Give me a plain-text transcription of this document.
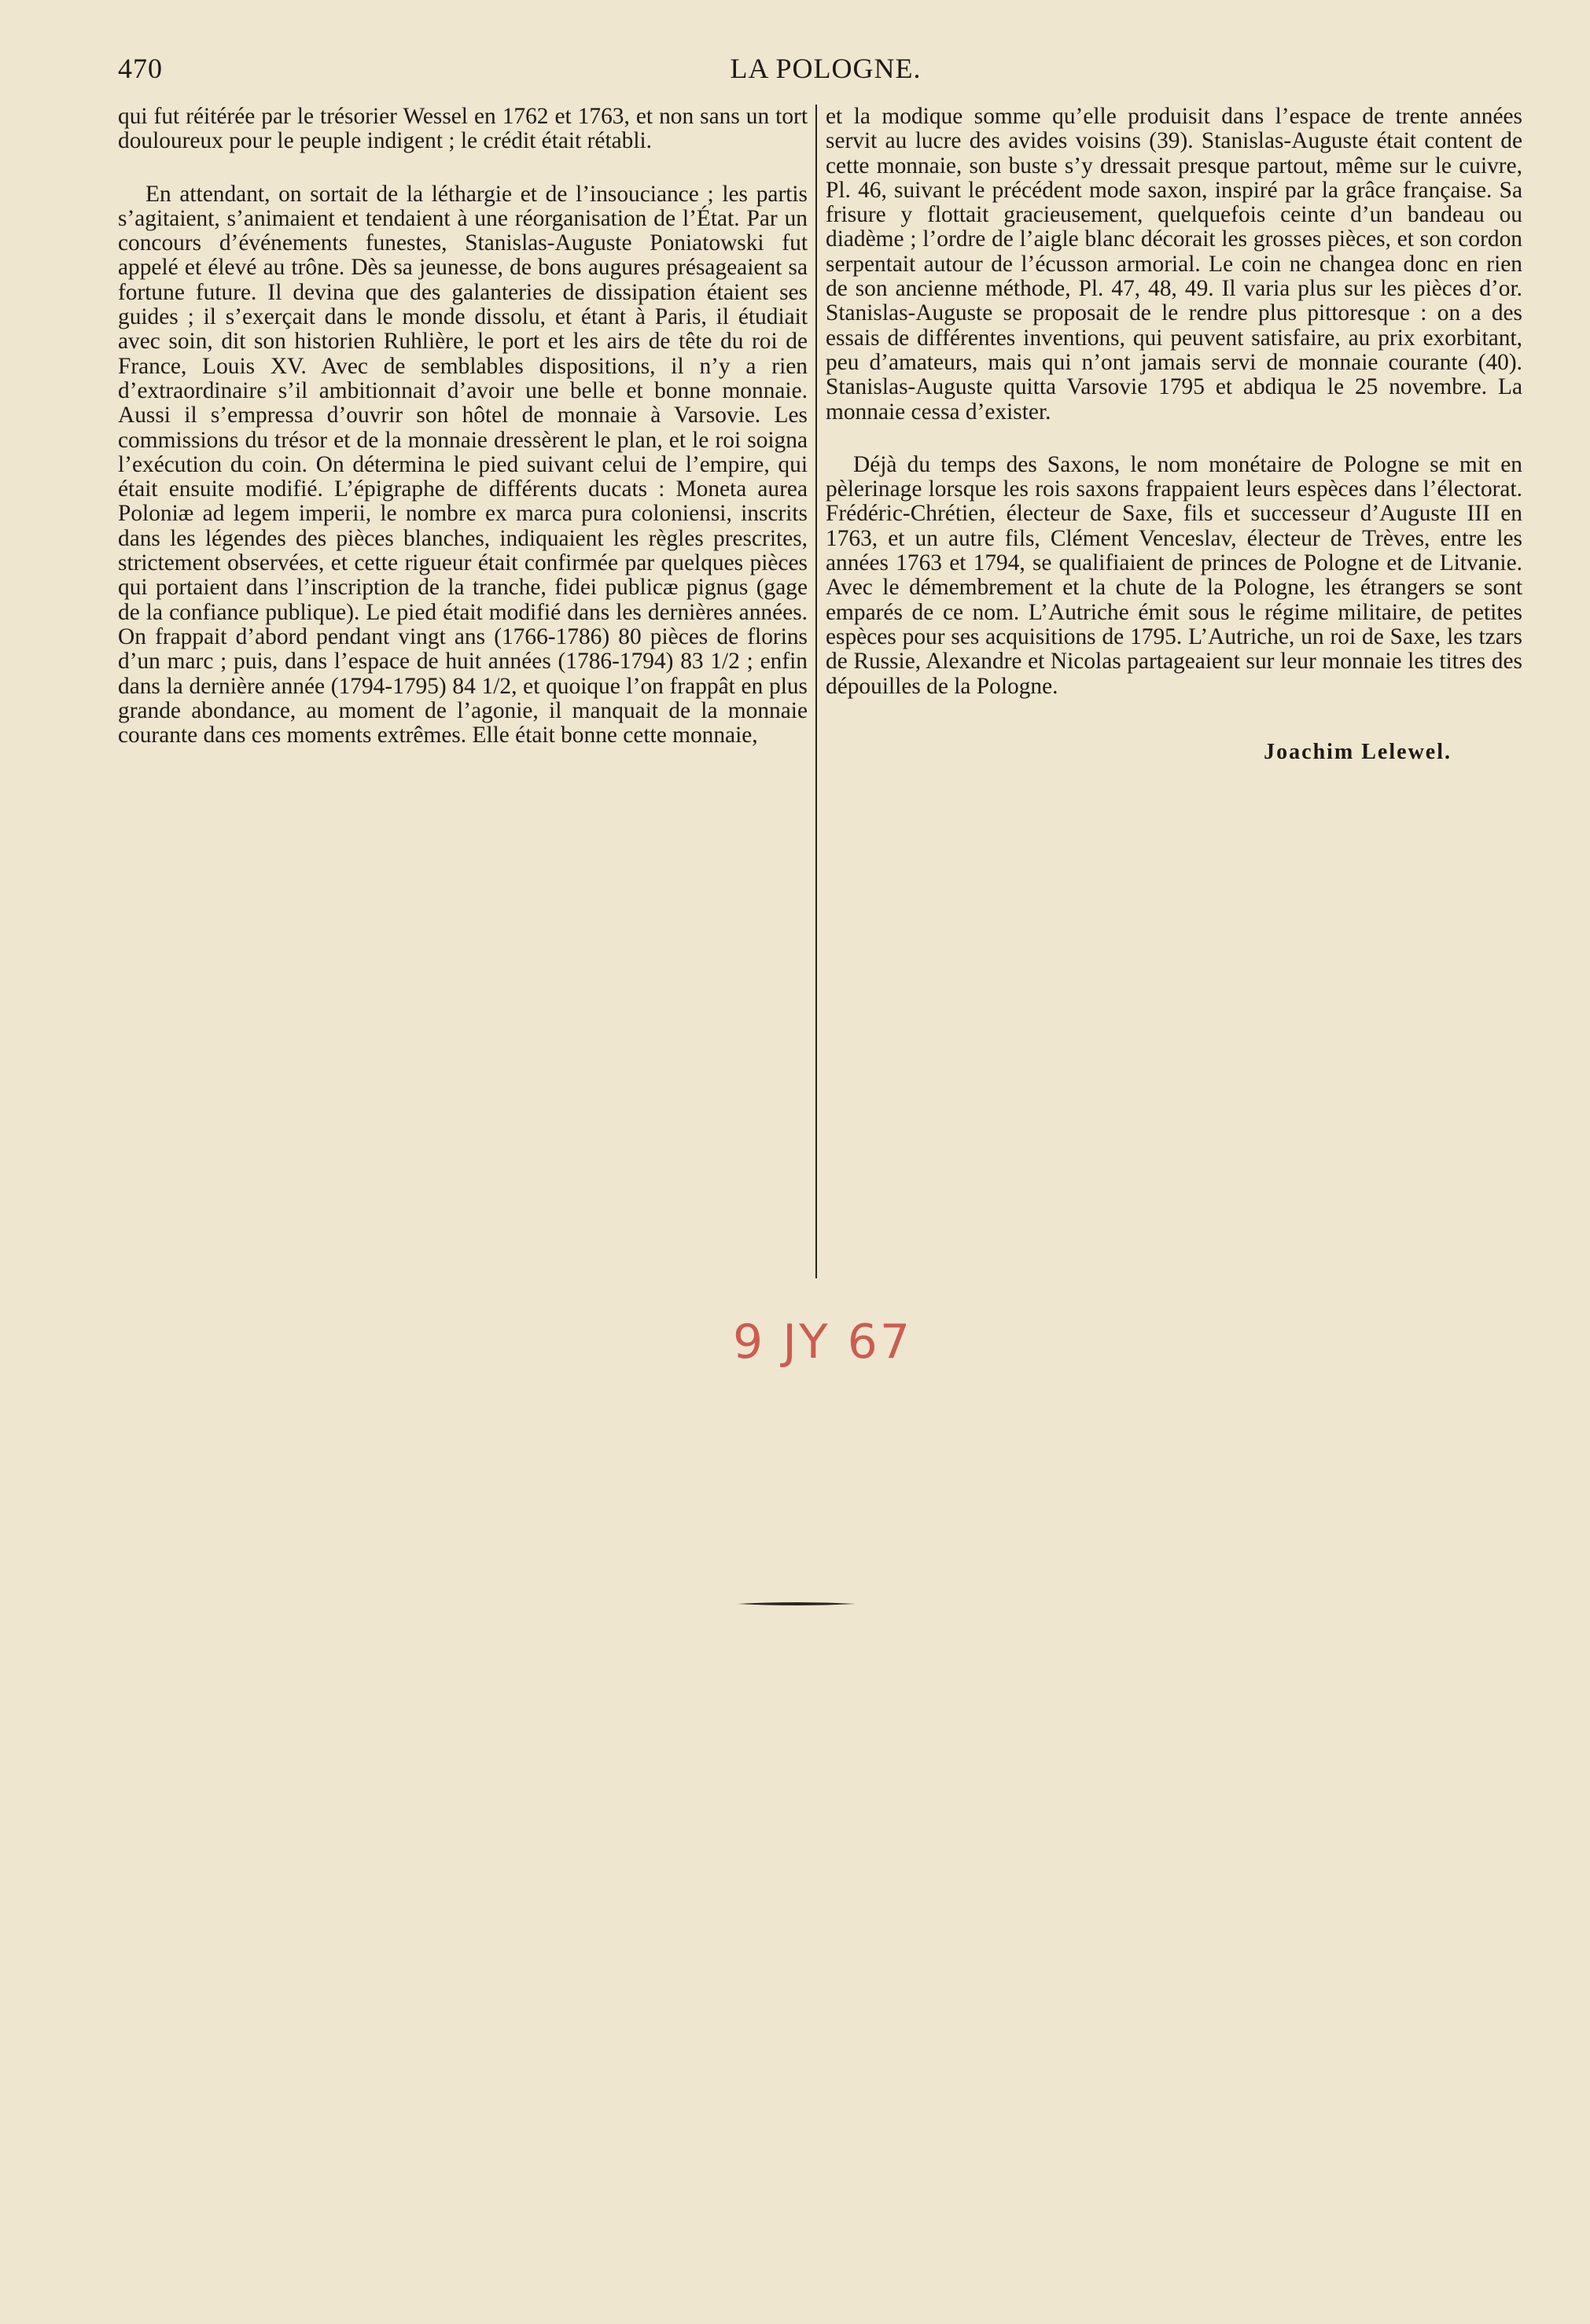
470	LA POLOGNE.

qui fut réitérée par le trésorier Wessel en 1762 et 1763, et non sans un tort douloureux pour le peuple indigent ; le crédit était rétabli.

En attendant, on sortait de la léthargie et de l’insouciance ; les partis s’agitaient, s’animaient et tendaient à une réorganisation de l’État. Par un concours d’événements funestes, Stanislas-Auguste Poniatowski fut appelé et élevé au trône. Dès sa jeunesse, de bons augures présageaient sa fortune future. Il devina que des galanteries de dissipation étaient ses guides ; il s’exerçait dans le monde dissolu, et étant à Paris, il étudiait avec soin, dit son historien Ruhlière, le port et les airs de tête du roi de France, Louis XV. Avec de semblables dispositions, il n’y a rien d’extraordinaire s’il ambitionnait d’avoir une belle et bonne monnaie. Aussi il s’empressa d’ouvrir son hôtel de monnaie à Varsovie. Les commissions du trésor et de la monnaie dressèrent le plan, et le roi soigna l’exécution du coin. On détermina le pied suivant celui de l’empire, qui était ensuite modifié. L’épigraphe de différents ducats : Moneta aurea Poloniæ ad legem imperii, le nombre ex marca pura coloniensi, inscrits dans les légendes des pièces blanches, indiquaient les règles prescrites, strictement observées, et cette rigueur était confirmée par quelques pièces qui portaient dans l’inscription de la tranche, fidei publicæ pignus (gage de la confiance publique). Le pied était modifié dans les dernières années. On frappait d’abord pendant vingt ans (1766-1786) 80 pièces de florins d’un marc ; puis, dans l’espace de huit années (1786-1794) 83 1/2 ; enfin dans la dernière année (1794-1795) 84 1/2, et quoique l’on frappât en plus grande abondance, au moment de l’agonie, il manquait de la monnaie courante dans ces moments extrêmes. Elle était bonne cette monnaie,

et la modique somme qu’elle produisit dans l’espace de trente années servit au lucre des avides voisins (39). Stanislas-Auguste était content de cette monnaie, son buste s’y dressait presque partout, même sur le cuivre, Pl. 46, suivant le précédent mode saxon, inspiré par la grâce française. Sa frisure y flottait gracieusement, quelquefois ceinte d’un bandeau ou diadème ; l’ordre de l’aigle blanc décorait les grosses pièces, et son cordon serpentait autour de l’écusson armorial. Le coin ne changea donc en rien de son ancienne méthode, Pl. 47, 48, 49. Il varia plus sur les pièces d’or. Stanislas-Auguste se proposait de le rendre plus pittoresque : on a des essais de différentes inventions, qui peuvent satisfaire, au prix exorbitant, peu d’amateurs, mais qui n’ont jamais servi de monnaie courante (40). Stanislas-Auguste quitta Varsovie 1795 et abdiqua le 25 novembre. La monnaie cessa d’exister.

Déjà du temps des Saxons, le nom monétaire de Pologne se mit en pèlerinage lorsque les rois saxons frappaient leurs espèces dans l’électorat. Frédéric-Chrétien, électeur de Saxe, fils et successeur d’Auguste III en 1763, et un autre fils, Clément Venceslav, électeur de Trèves, entre les années 1763 et 1794, se qualifiaient de princes de Pologne et de Litvanie. Avec le démembrement et la chute de la Pologne, les étrangers se sont emparés de ce nom. L’Autriche émit sous le régime militaire, de petites espèces pour ses acquisitions de 1795. L’Autriche, un roi de Saxe, les tzars de Russie, Alexandre et Nicolas partageaient sur leur monnaie les titres des dépouilles de la Pologne.

Joachim Lelewel.

9 JY 67
